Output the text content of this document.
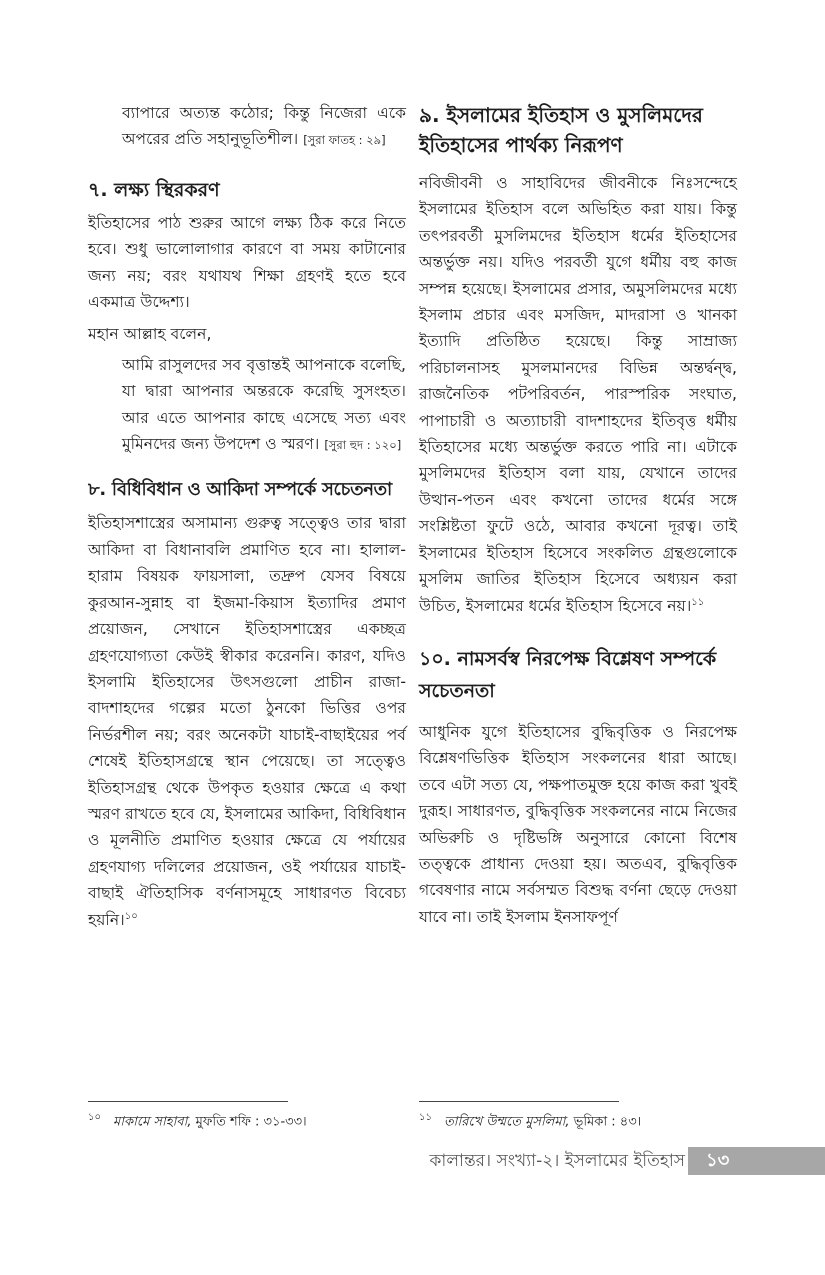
ব্যাপারে অত্যন্ত কঠোর; কিন্তু নিজেরা একে অপরের প্রতি সহানুভূতিশীল। [সুরা ফাতহ : ২৯]

৭. লক্ষ্য স্থিরকরণ

ইতিহাসের পাঠ শুরুর আগে লক্ষ্য ঠিক করে নিতে হবে। শুধু ভালোলাগার কারণে বা সময় কাটানোর জন্য নয়; বরং যথাযথ শিক্ষা গ্রহণই হতে হবে একমাত্র উদ্দেশ্য।

মহান আল্লাহ বলেন,

আমি রাসুলদের সব বৃত্তান্তই আপনাকে বলেছি, যা দ্বারা আপনার অন্তরকে করেছি সুসংহত। আর এতে আপনার কাছে এসেছে সত্য এবং মুমিনদের জন্য উপদেশ ও স্মরণ। [সুরা হুদ : ১২০]

৮. বিধিবিধান ও আকিদা সম্পর্কে সচেতনতা

ইতিহাসশাস্ত্রের অসামান্য গুরুত্ব সত্ত্বেও তার দ্বারা আকিদা বা বিধানাবলি প্রমাণিত হবে না। হালাল-হারাম বিষয়ক ফায়সালা, তদ্রুপ যেসব বিষয়ে কুরআন-সুন্নাহ বা ইজমা-কিয়াস ইত্যাদির প্রমাণ প্রয়োজন, সেখানে ইতিহাসশাস্ত্রের একচ্ছত্র গ্রহণযোগ্যতা কেউই স্বীকার করেননি। কারণ, যদিও ইসলামি ইতিহাসের উৎসগুলো প্রাচীন রাজা-বাদশাহদের গল্পের মতো ঠুনকো ভিত্তির ওপর নির্ভরশীল নয়; বরং অনেকটা যাচাই-বাছাইয়ের পর্ব শেষেই ইতিহাসগ্রন্থে স্থান পেয়েছে। তা সত্ত্বেও ইতিহাসগ্রন্থ থেকে উপকৃত হওয়ার ক্ষেত্রে এ কথা স্মরণ রাখতে হবে যে, ইসলামের আকিদা, বিধিবিধান ও মূলনীতি প্রমাণিত হওয়ার ক্ষেত্রে যে পর্যায়ের গ্রহণযাগ্য দলিলের প্রয়োজন, ওই পর্যায়ের যাচাই-বাছাই ঐতিহাসিক বর্ণনাসমূহে সাধারণত বিবেচ্য হয়নি।$^{১০}$

৯. ইসলামের ইতিহাস ও মুসলিমদের ইতিহাসের পার্থক্য নিরূপণ

নবিজীবনী ও সাহাবিদের জীবনীকে নিঃসন্দেহে ইসলামের ইতিহাস বলে অভিহিত করা যায়। কিন্তু তৎপরবর্তী মুসলিমদের ইতিহাস ধর্মের ইতিহাসের অন্তর্ভুক্ত নয়। যদিও পরবর্তী যুগে ধর্মীয় বহু কাজ সম্পন্ন হয়েছে। ইসলামের প্রসার, অমুসলিমদের মধ্যে ইসলাম প্রচার এবং মসজিদ, মাদরাসা ও খানকা ইত্যাদি প্রতিষ্ঠিত হয়েছে। কিন্তু সাম্রাজ্য পরিচালনাসহ মুসলমানদের বিভিন্ন অন্তর্দ্বন্দ্ব, রাজনৈতিক পটপরিবর্তন, পারস্পরিক সংঘাত, পাপাচারী ও অত্যাচারী বাদশাহদের ইতিবৃত্ত ধর্মীয় ইতিহাসের মধ্যে অন্তর্ভুক্ত করতে পারি না। এটাকে মুসলিমদের ইতিহাস বলা যায়, যেখানে তাদের উত্থান-পতন এবং কখনো তাদের ধর্মের সঙ্গে সংশ্লিষ্টতা ফুটে ওঠে, আবার কখনো দূরত্ব। তাই ইসলামের ইতিহাস হিসেবে সংকলিত গ্রন্থগুলোকে মুসলিম জাতির ইতিহাস হিসেবে অধ্যয়ন করা উচিত, ইসলামের ধর্মের ইতিহাস হিসেবে নয়।$^{১১}$

১০. নামসর্বস্ব নিরপেক্ষ বিশ্লেষণ সম্পর্কে সচেতনতা

আধুনিক যুগে ইতিহাসের বুদ্ধিবৃত্তিক ও নিরপেক্ষ বিশ্লেষণভিত্তিক ইতিহাস সংকলনের ধারা আছে। তবে এটা সত্য যে, পক্ষপাতমুক্ত হয়ে কাজ করা খুবই দুরূহ। সাধারণত, বুদ্ধিবৃত্তিক সংকলনের নামে নিজের অভিরুচি ও দৃষ্টিভঙ্গি অনুসারে কোনো বিশেষ তত্ত্বকে প্রাধান্য দেওয়া হয়। অতএব, বুদ্ধিবৃত্তিক গবেষণার নামে সর্বসম্মত বিশুদ্ধ বর্ণনা ছেড়ে দেওয়া যাবে না। তাই ইসলাম ইনসাফপূর্ণ

$^{১০}$ মাকামে সাহাবা, মুফতি শফি : ৩১-৩৩।	$^{১১}$ তারিখে উম্মতে মুসলিমা, ভূমিকা : ৪৩।
কালান্তর। সংখ্যা-২। ইসলামের ইতিহাস ১৩
